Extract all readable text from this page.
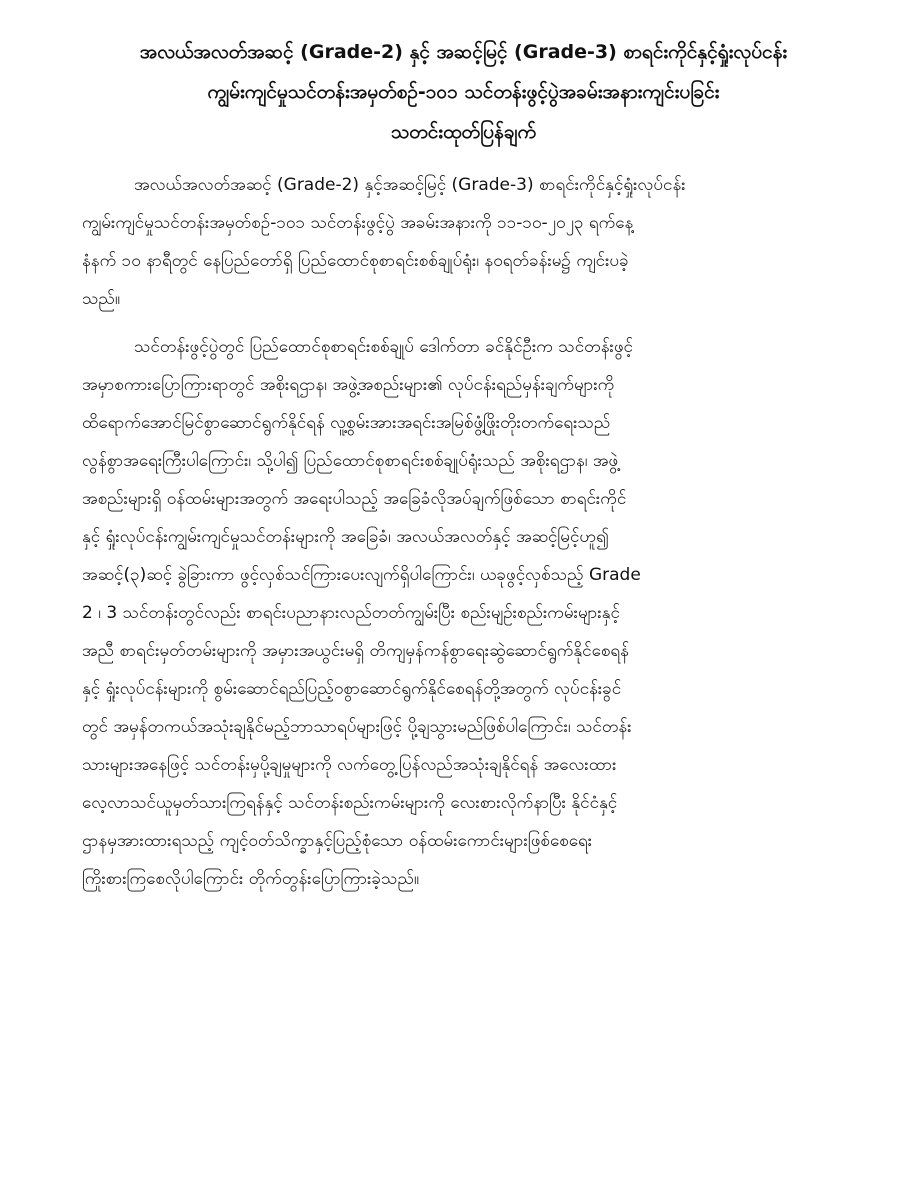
အလယ်အလတ်အဆင့် (Grade-2) နှင့် အဆင့်မြင့် (Grade-3) စာရင်းကိုင်နှင့်ရှုံးလုပ်ငန်း
ကျွမ်းကျင်မှုသင်တန်းအမှတ်စဉ်-၁၀၁ သင်တန်းဖွင့်ပွဲအခမ်းအနားကျင်းပခြင်း
သတင်းထုတ်ပြန်ချက်
အလယ်အလတ်အဆင့် (Grade-2) နှင့်အဆင့်မြင့် (Grade-3) စာရင်းကိုင်နှင့်ရှုံးလုပ်ငန်း
ကျွမ်းကျင်မှုသင်တန်းအမှတ်စဉ်-၁၀၁ သင်တန်းဖွင့်ပွဲ အခမ်းအနားကို ၁၁-၁၀-၂၀၂၃ ရက်နေ့
နံနက် ၁၀ နာရီတွင် နေပြည်တော်ရှိ ပြည်ထောင်စုစာရင်းစစ်ချုပ်ရုံး၊ န၀ရတ်ခန်းမ၌ ကျင်းပခဲ့
သည်။
သင်တန်းဖွင့်ပွဲတွင် ပြည်ထောင်စုစာရင်းစစ်ချုပ် ဒေါက်တာ ခင်နိုင်ဦးက သင်တန်းဖွင့်
အမှာစကားပြောကြားရာတွင် အစိုးရဌာန၊ အဖွဲ့အစည်းများ၏ လုပ်ငန်းရည်မှန်းချက်များကို
ထိရောက်အောင်မြင်စွာဆောင်ရွက်နိုင်ရန် လူ့စွမ်းအားအရင်းအမြစ်ဖွံ့ဖြိုးတိုးတက်ရေးသည်
လွန်စွာအရေးကြီးပါကြောင်း၊ သို့ပါ၍ ပြည်ထောင်စုစာရင်းစစ်ချုပ်ရုံးသည် အစိုးရဌာန၊ အဖွဲ့
အစည်းများရှိ ၀န်ထမ်းများအတွက် အရေးပါသည့် အခြေခံလိုအပ်ချက်ဖြစ်သော စာရင်းကိုင်
နှင့် ရှုံးလုပ်ငန်းကျွမ်းကျင်မှုသင်တန်းများကို အခြေခံ၊ အလယ်အလတ်နှင့် အဆင့်မြင့်ဟူ၍
အဆင့်(၃)ဆင့် ခွဲခြားကာ ဖွင့်လှစ်သင်ကြားပေးလျက်ရှိပါကြောင်း၊ ယခုဖွင့်လှစ်သည့် Grade
2 ၊ 3 သင်တန်းတွင်လည်း စာရင်းပညာနားလည်တတ်ကျွမ်းပြီး စည်းမျဉ်းစည်းကမ်းများနှင့်
အညီ စာရင်းမှတ်တမ်းများကို အမှားအယွင်းမရှိ တိကျမှန်ကန်စွာရေးဆွဲဆောင်ရွက်နိုင်စေရန်
နှင့် ရှုံးလုပ်ငန်းများကို စွမ်းဆောင်ရည်ပြည့်၀စွာဆောင်ရွက်နိုင်စေရန်တို့အတွက် လုပ်ငန်းခွင်
တွင် အမှန်တကယ်အသုံးချနိုင်မည့်ဘာသာရပ်များဖြင့် ပို့ချသွားမည်ဖြစ်ပါကြောင်း၊ သင်တန်း
သားများအနေဖြင့် သင်တန်းမှပို့ချမှုများကို လက်တွေ့ပြန်လည်အသုံးချနိုင်ရန် အလေးထား
လေ့လာသင်ယူမှတ်သားကြရန်နှင့် သင်တန်းစည်းကမ်းများကို လေးစားလိုက်နာပြီး နိုင်ငံနှင့်
ဌာနမှအားထားရသည့် ကျင့်၀တ်သိက္ခာနှင့်ပြည့်စုံသော ၀န်ထမ်းကောင်းများဖြစ်စေရေး
ကြိုးစားကြစေလိုပါကြောင်း တိုက်တွန်းပြောကြားခဲ့သည်။
